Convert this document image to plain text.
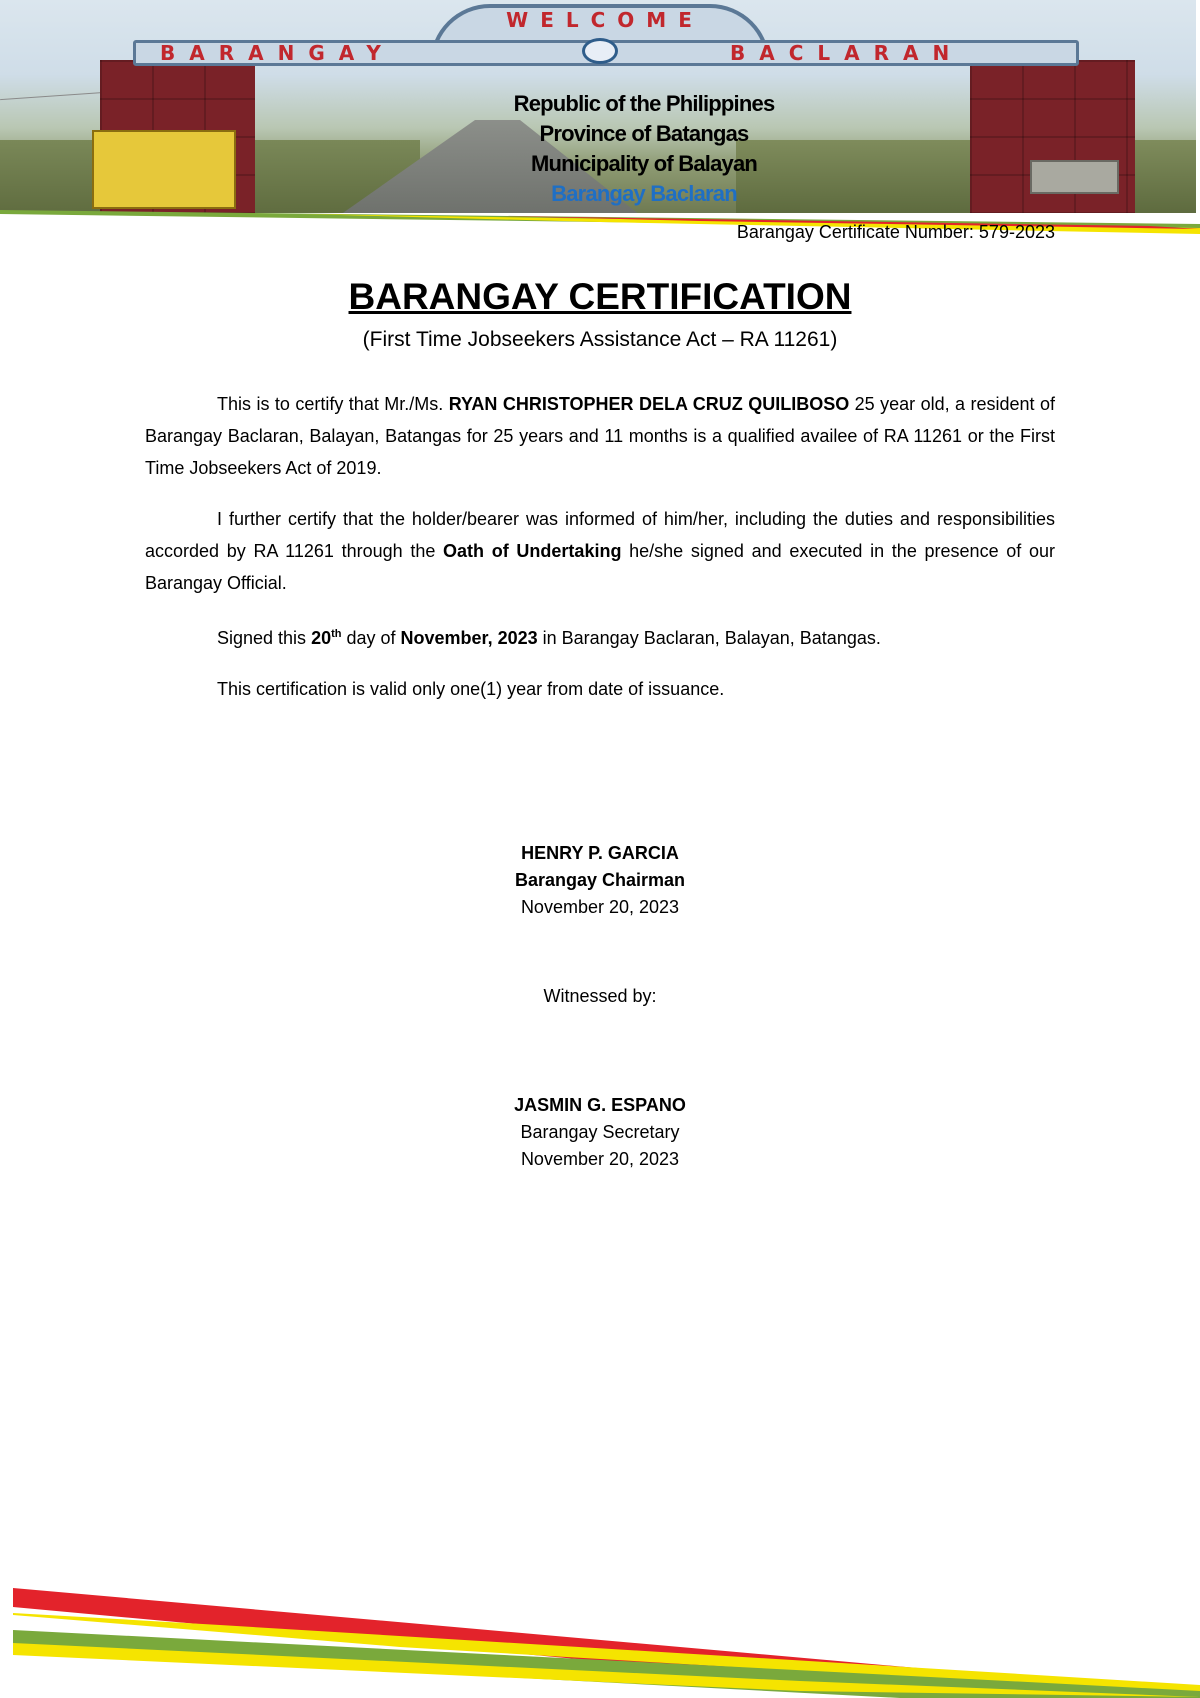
WELCOME
BARANGAY	BACLARAN
Republic of the Philippines
Province of Batangas
Municipality of Balayan
Barangay Baclaran
Barangay Certificate Number: 579-2023
BARANGAY CERTIFICATION
(First Time Jobseekers Assistance Act – RA 11261)

This is to certify that Mr./Ms. RYAN CHRISTOPHER DELA CRUZ QUILIBOSO 25 year old, a resident of Barangay Baclaran, Balayan, Batangas for 25 years and 11 months is a qualified availee of RA 11261 or the First Time Jobseekers Act of 2019.

I further certify that the holder/bearer was informed of him/her, including the duties and responsibilities accorded by RA 11261 through the Oath of Undertaking he/she signed and executed in the presence of our Barangay Official.

Signed this 20th day of November, 2023 in Barangay Baclaran, Balayan, Batangas.

This certification is valid only one(1) year from date of issuance.

HENRY P. GARCIA
Barangay Chairman
November 20, 2023
Witnessed by:
JASMIN G. ESPANO
Barangay Secretary
November 20, 2023
